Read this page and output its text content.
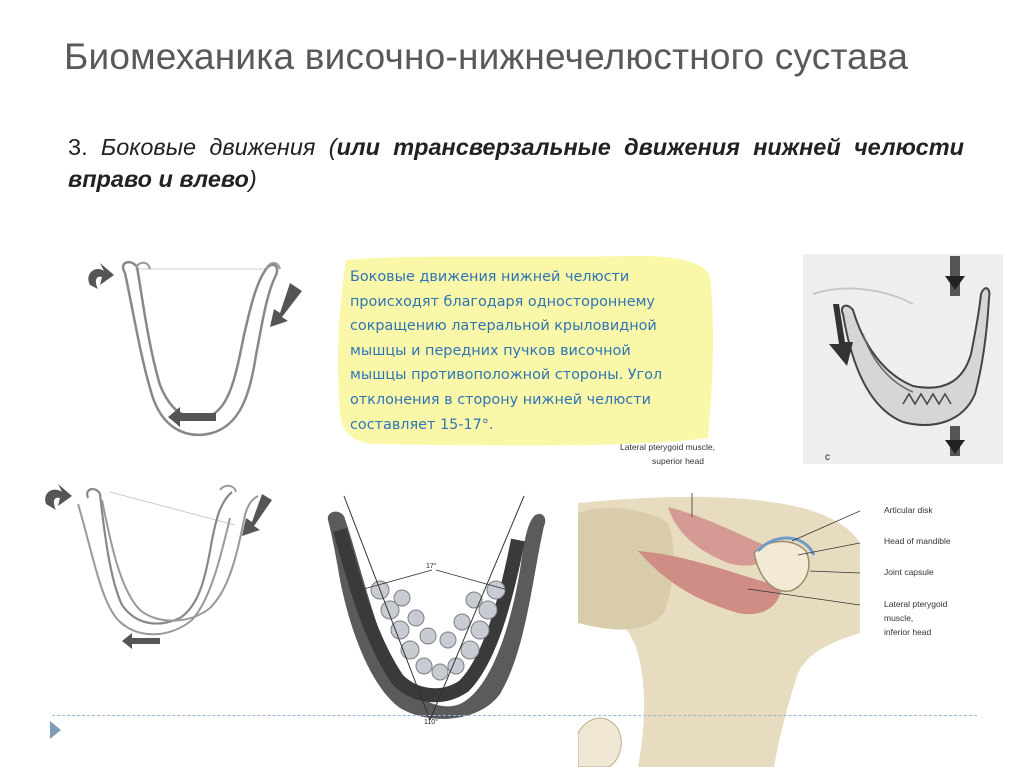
Биомеханика височно-нижнечелюстного сустава
3. Боковые движения (или трансверзальные движения нижней челюсти вправо и влево)
Боковые движения нижней челюсти
происходят благодаря одностороннему
сокращению латеральной крыловидной
мышцы и передних пучков височной
мышцы противоположной стороны. Угол
отклонения в сторону нижней челюсти
составляет 15-17°.
c
17°
110°
Lateral pterygoid muscle,
superior head
Articular disk
Head of mandible
Joint capsule
Lateral pterygoid
muscle,
inferior head
